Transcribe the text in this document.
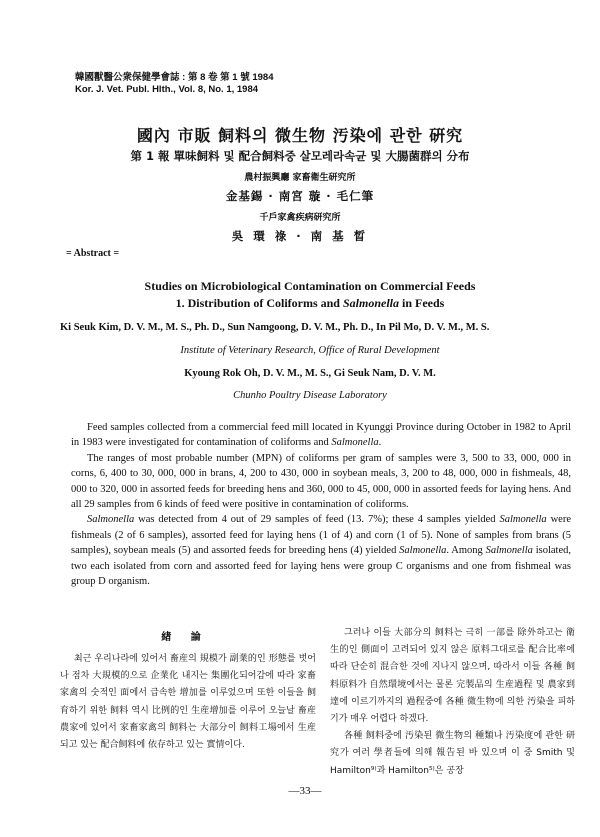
韓國獸醫公衆保健學會誌 : 第 8 卷 第 1 號 1984
Kor. J. Vet. Publ. Hlth., Vol. 8, No. 1, 1984
國內 市販 飼料의 微生物 汚染에 관한 硏究
第 1 報 單味飼料 및 配合飼料중 살모레라속균 및 大腸菌群의 分布
農村振興廳 家畜衛生研究所
金基錫 · 南宮 璇 · 毛仁筆
千戶家禽疾病研究所
吳 環 祿 · 南 基 晳
= Abstract =
Studies on Microbiological Contamination on Commercial Feeds
1. Distribution of Coliforms and Salmonella in Feeds
Ki Seuk Kim, D. V. M., M. S., Ph. D., Sun Namgoong, D. V. M., Ph. D., In Pil Mo, D. V. M., M. S.
Institute of Veterinary Research, Office of Rural Development
Kyoung Rok Oh, D. V. M., M. S., Gi Seuk Nam, D. V. M.
Chunho Poultry Disease Laboratory

Feed samples collected from a commercial feed mill located in Kyunggi Province during October in 1982 to April in 1983 were investigated for contamination of coliforms and Salmonella.

The ranges of most probable number (MPN) of coliforms per gram of samples were 3, 500 to 33, 000, 000 in corns, 6, 400 to 30, 000, 000 in brans, 4, 200 to 430, 000 in soybean meals, 3, 200 to 48, 000, 000 in fishmeals, 48, 000 to 320, 000 in assorted feeds for breeding hens and 360, 000 to 45, 000, 000 in assorted feeds for laying hens. And all 29 samples from 6 kinds of feed were positive in contamination of coliforms.

Salmonella was detected from 4 out of 29 samples of feed (13. 7%); these 4 samples yielded Salmonella were fishmeals (2 of 6 samples), assorted feed for laying hens (1 of 4) and corn (1 of 5). None of samples from brans (5 samples), soybean meals (5) and assorted feeds for breeding hens (4) yielded Salmonella. Among Salmonella isolated, two each isolated from corn and assorted feed for laying hens were group C organisms and one from fishmeal was group D organism.

緖 論

최근 우리나라에 있어서 畜産의 規模가 副業的인 形態를 벗어나 점차 大規模的으로 企業化 내지는 集團化되어감에 따라 家畜家禽의 숫적인 面에서 급속한 增加를 이루었으며 또한 이들을 飼育하기 위한 飼料 역시 比例的인 生産增加를 이루어 오늘날 畜産農家에 있어서 家畜家禽의 飼料는 大部分이 飼料工場에서 生産되고 있는 配合飼料에 依存하고 있는 實情이다.

그러나 이들 大部分의 飼料는 극히 一部를 除外하고는 衛生的인 側面이 고려되어 있지 않은 原料그대로를 配合比率에 따라 단순히 混合한 것에 지나지 않으며, 따라서 이들 各種 飼料原料가 自然環境에서는 물론 完製品의 生産過程 및 農家到達에 이르기까지의 過程중에 各種 微生物에 의한 汚染을 피하기가 매우 어렵다 하겠다.

各種 飼料중에 汚染된 微生物의 種類나 汚染度에 관한 研究가 여러 學者들에 의해 報告된 바 있으며 이 중 Smith 및 Hamilton⁹⁾과 Hamilton⁵⁾은 공장

—33—
